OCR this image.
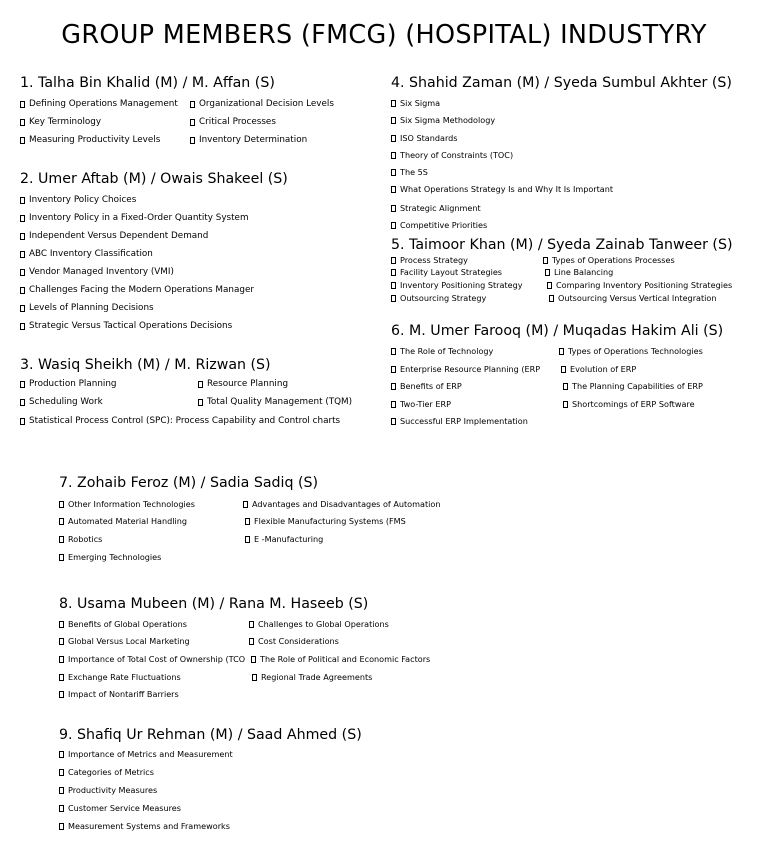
GROUP MEMBERS (FMCG) (HOSPITAL) INDUSTYRY
1. Talha Bin Khalid (M) / M. Affan (S)
Defining Operations Management
Key Terminology
Measuring Productivity Levels
Organizational Decision Levels
Critical Processes
Inventory Determination
2. Umer Aftab (M) / Owais Shakeel (S)
Inventory Policy Choices
Inventory Policy in a Fixed-Order Quantity System
Independent Versus Dependent Demand
ABC Inventory Classification
Vendor Managed Inventory (VMI)
Challenges Facing the Modern Operations Manager
Levels of Planning Decisions
Strategic Versus Tactical Operations Decisions
3. Wasiq Sheikh (M) / M. Rizwan (S)
Production Planning
Scheduling Work
Statistical Process Control (SPC): Process Capability and Control charts
Resource Planning
Total Quality Management (TQM)
4. Shahid Zaman (M) / Syeda Sumbul Akhter (S)
Six Sigma
Six Sigma Methodology
ISO Standards
Theory of Constraints (TOC)
The 5S
What Operations Strategy Is and Why It Is Important
Strategic Alignment
Competitive Priorities
5. Taimoor Khan (M) / Syeda Zainab Tanweer (S)
Process Strategy
Facility Layout Strategies
Inventory Positioning Strategy
Outsourcing Strategy
Types of Operations Processes
Line Balancing
Comparing Inventory Positioning Strategies
Outsourcing Versus Vertical Integration
6. M. Umer Farooq (M) / Muqadas Hakim Ali (S)
The Role of Technology
Enterprise Resource Planning (ERP
Benefits of ERP
Two-Tier ERP
Successful ERP Implementation
Types of Operations Technologies
Evolution of ERP
The Planning Capabilities of ERP
Shortcomings of ERP Software
7. Zohaib Feroz (M) / Sadia Sadiq (S)
Other Information Technologies
Automated Material Handling
Robotics
Emerging Technologies
Advantages and Disadvantages of Automation
Flexible Manufacturing Systems (FMS
E -Manufacturing
8. Usama Mubeen (M) / Rana M. Haseeb (S)
Benefits of Global Operations
Global Versus Local Marketing
Importance of Total Cost of Ownership (TCO
Exchange Rate Fluctuations
Impact of Nontariff Barriers
Challenges to Global Operations
Cost Considerations
The Role of Political and Economic Factors
Regional Trade Agreements
9. Shafiq Ur Rehman (M) / Saad Ahmed (S)
Importance of Metrics and Measurement
Categories of Metrics
Productivity Measures
Customer Service Measures
Measurement Systems and Frameworks
